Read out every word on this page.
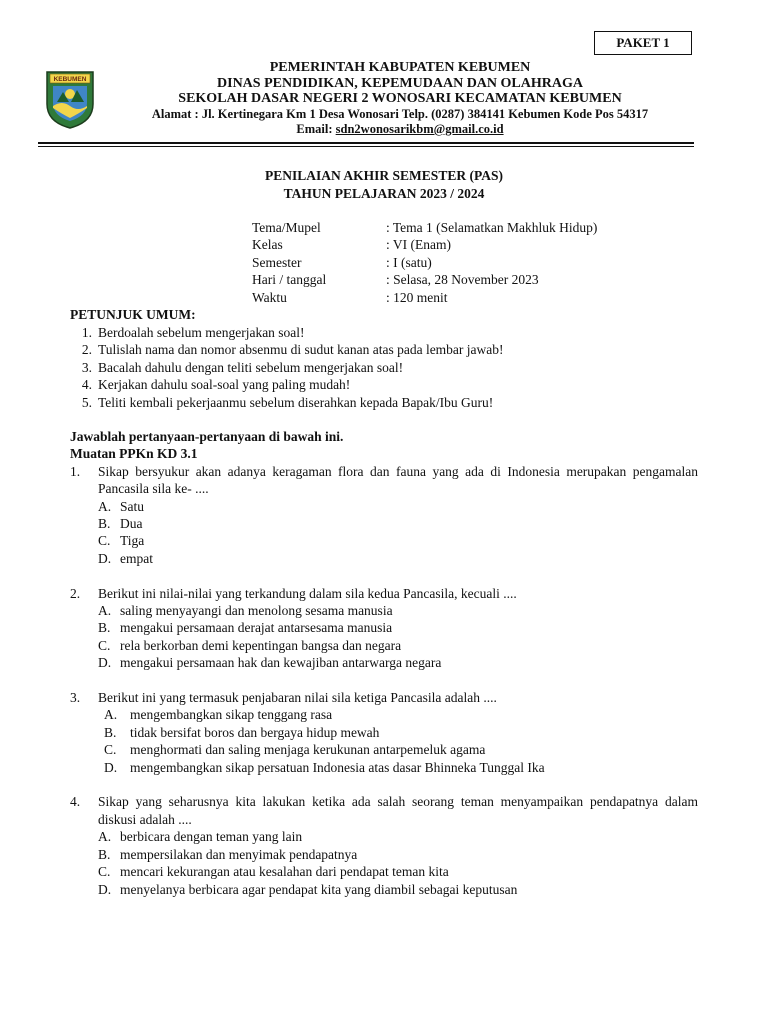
PAKET 1
KEBUMEN
PEMERINTAH KABUPATEN KEBUMEN
DINAS PENDIDIKAN, KEPEMUDAAN DAN OLAHRAGA
SEKOLAH DASAR NEGERI 2 WONOSARI KECAMATAN KEBUMEN
Alamat : Jl. Kertinegara Km 1 Desa Wonosari Telp. (0287) 384141 Kebumen Kode Pos 54317
Email: sdn2wonosarikbm@gmail.co.id
PENILAIAN AKHIR SEMESTER (PAS)
TAHUN PELAJARAN 2023 / 2024
Tema/Mupel	: Tema 1 (Selamatkan Makhluk Hidup)
Kelas	: VI (Enam)
Semester	: I (satu)
Hari / tanggal	: Selasa, 28 November 2023
Waktu	: 120 menit
PETUNJUK UMUM:
1. Berdoalah sebelum mengerjakan soal!
2. Tulislah nama dan nomor absenmu di sudut kanan atas pada lembar jawab!
3. Bacalah dahulu dengan teliti sebelum mengerjakan soal!
4. Kerjakan dahulu soal-soal yang paling mudah!
5. Teliti kembali pekerjaanmu sebelum diserahkan kepada Bapak/Ibu Guru!
Jawablah pertanyaan-pertanyaan di bawah ini.
Muatan PPKn KD 3.1
1.	Sikap bersyukur akan adanya keragaman flora dan fauna yang ada di Indonesia merupakan pengamalan Pancasila sila ke- ....
A. Satu
B. Dua
C. Tiga
D. empat
2.	Berikut ini nilai-nilai yang terkandung dalam sila kedua Pancasila, kecuali ....
A. saling menyayangi dan menolong sesama manusia
B. mengakui persamaan derajat antarsesama manusia
C. rela berkorban demi kepentingan bangsa dan negara
D. mengakui persamaan hak dan kewajiban antarwarga negara
3.	Berikut ini yang termasuk penjabaran nilai sila ketiga Pancasila adalah ....
A. mengembangkan sikap tenggang rasa
B.	tidak bersifat boros dan bergaya hidup mewah
C.	menghormati dan saling menjaga kerukunan antarpemeluk agama
D. mengembangkan sikap persatuan Indonesia atas dasar Bhinneka Tunggal Ika
4.	Sikap yang seharusnya kita lakukan ketika ada salah seorang teman menyampaikan pendapatnya dalam diskusi adalah ....
A. berbicara dengan teman yang lain
B. mempersilakan dan menyimak pendapatnya
C. mencari kekurangan atau kesalahan dari pendapat teman kita
D. menyelanya berbicara agar pendapat kita yang diambil sebagai keputusan
